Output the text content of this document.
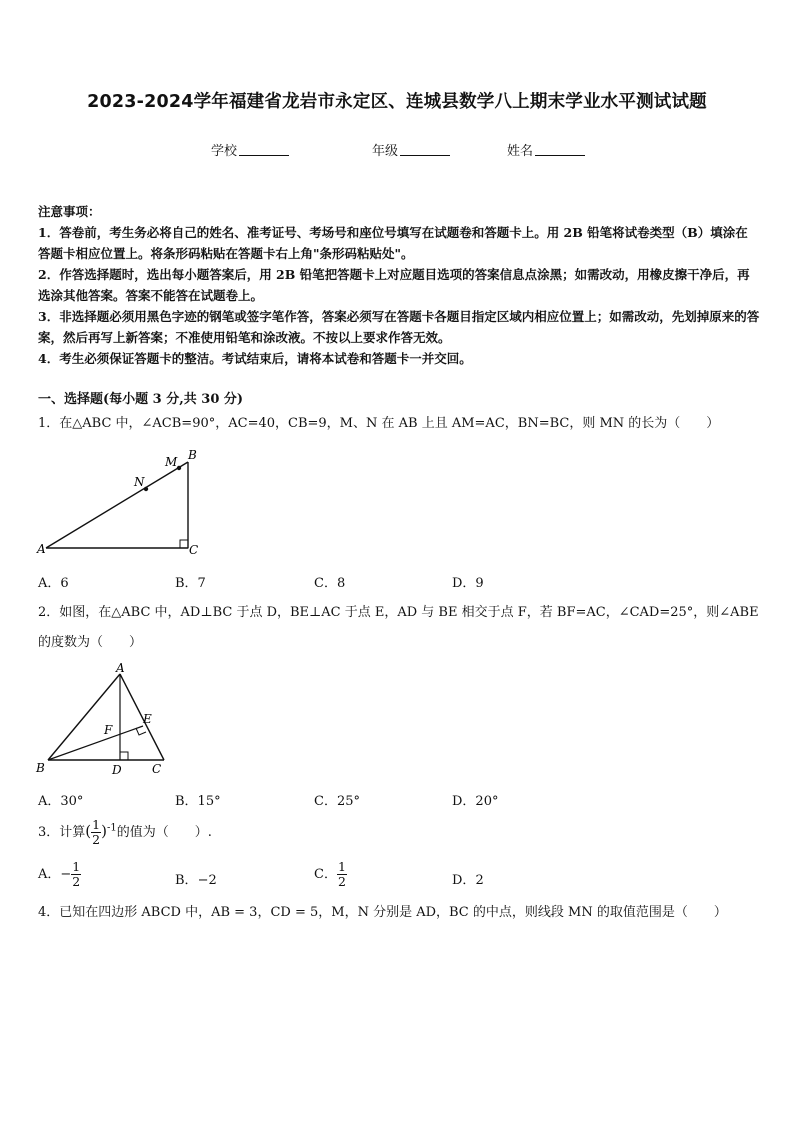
2023-2024学年福建省龙岩市永定区、连城县数学八上期末学业水平测试试题
学校	年级	姓名

注意事项：

1．答卷前，考生务必将自己的姓名、准考证号、考场号和座位号填写在试题卷和答题卡上。用 2B 铅笔将试卷类型（B）填涂在答题卡相应位置上。将条形码粘贴在答题卡右上角"条形码粘贴处"。

2．作答选择题时，选出每小题答案后，用 2B 铅笔把答题卡上对应题目选项的答案信息点涂黑；如需改动，用橡皮擦干净后，再选涂其他答案。答案不能答在试题卷上。

3．非选择题必须用黑色字迹的钢笔或签字笔作答，答案必须写在答题卡各题目指定区域内相应位置上；如需改动，先划掉原来的答案，然后再写上新答案；不准使用铅笔和涂改液。不按以上要求作答无效。

4．考生必须保证答题卡的整洁。考试结束后，请将本试卷和答题卡一并交回。

一、选择题(每小题 3 分,共 30 分)
1．在△ABC 中，∠ACB=90°，AC=40，CB=9，M、N 在 AB 上且 AM=AC，BN=BC，则 MN 的长为（　　）
A	C
B
N
M
A．6	B．7	C．8	D．9
2．如图，在△ABC 中，AD⊥BC 于点 D，BE⊥AC 于点 E，AD 与 BE 相交于点 F，若 BF=AC，∠CAD=25°，则∠ABE
的度数为（　　）
A
B	C
D
E
F
A．30°	B．15°	C．25°	D．20°
3．计算( $\frac{1}{2} )^{-1}$的值为（　　）.
A．− $\frac{1}{2}$	B．−2	C． $\frac{1}{2}$	D．2
4．已知在四边形 ABCD 中，AB = 3，CD = 5，M，N 分别是 AD，BC 的中点，则线段 MN 的取值范围是（　　）
